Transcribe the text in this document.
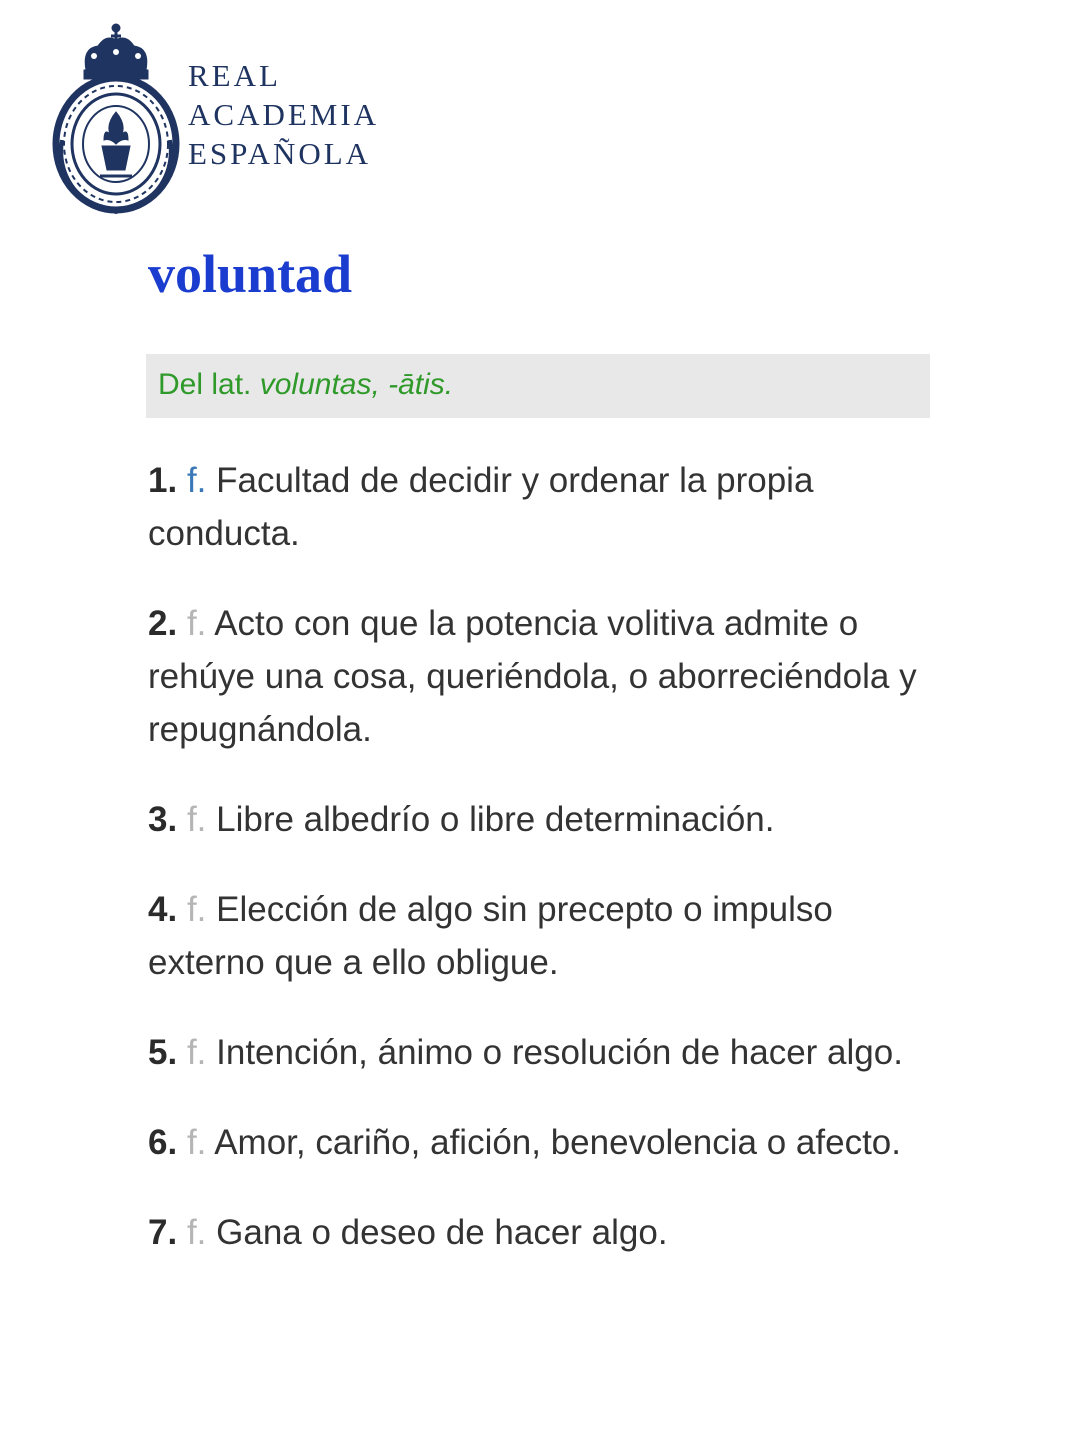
REAL
ACADEMIA
ESPAÑOLA
voluntad
Del lat. voluntas, -ātis.
1. f. Facultad de decidir y ordenar la propia conducta.
2. f. Acto con que la potencia volitiva admite o rehúye una cosa, queriéndola, o aborreciéndola y repugnándola.
3. f. Libre albedrío o libre determinación.
4. f. Elección de algo sin precepto o impulso externo que a ello obligue.
5. f. Intención, ánimo o resolución de hacer algo.
6. f. Amor, cariño, afición, benevolencia o afecto.
7. f. Gana o deseo de hacer algo.
